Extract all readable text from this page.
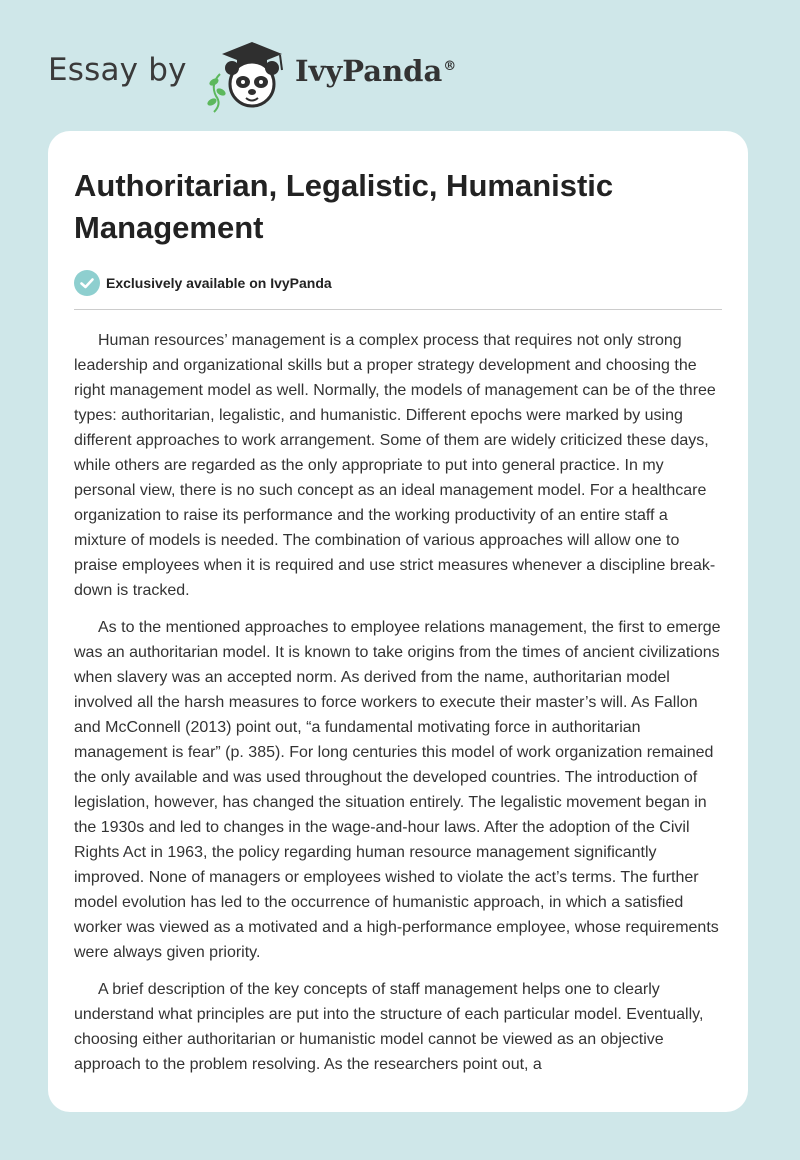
Essay by	IvyPanda®
Authoritarian, Legalistic, Humanistic Management
Exclusively available on IvyPanda

Human resources’ management is a complex process that requires not only strong leadership and organizational skills but a proper strategy development and choosing the right management model as well. Normally, the models of management can be of the three types: authoritarian, legalistic, and humanistic. Different epochs were marked by using different approaches to work arrangement. Some of them are widely criticized these days, while others are regarded as the only appropriate to put into general practice. In my personal view, there is no such concept as an ideal management model. For a healthcare organization to raise its performance and the working productivity of an entire staff a mixture of models is needed. The combination of various approaches will allow one to praise employees when it is required and use strict measures whenever a discipline break-down is tracked.

As to the mentioned approaches to employee relations management, the first to emerge was an authoritarian model. It is known to take origins from the times of ancient civilizations when slavery was an accepted norm. As derived from the name, authoritarian model involved all the harsh measures to force workers to execute their master’s will. As Fallon and McConnell (2013) point out, “a fundamental motivating force in authoritarian management is fear” (p. 385). For long centuries this model of work organization remained the only available and was used throughout the developed countries. The introduction of legislation, however, has changed the situation entirely. The legalistic movement began in the 1930s and led to changes in the wage-and-hour laws. After the adoption of the Civil Rights Act in 1963, the policy regarding human resource management significantly improved. None of managers or employees wished to violate the act’s terms. The further model evolution has led to the occurrence of humanistic approach, in which a satisfied worker was viewed as a motivated and a high-performance employee, whose requirements were always given priority.

A brief description of the key concepts of staff management helps one to clearly understand what principles are put into the structure of each particular model. Eventually, choosing either authoritarian or humanistic model cannot be viewed as an objective approach to the problem resolving. As the researchers point out, a
